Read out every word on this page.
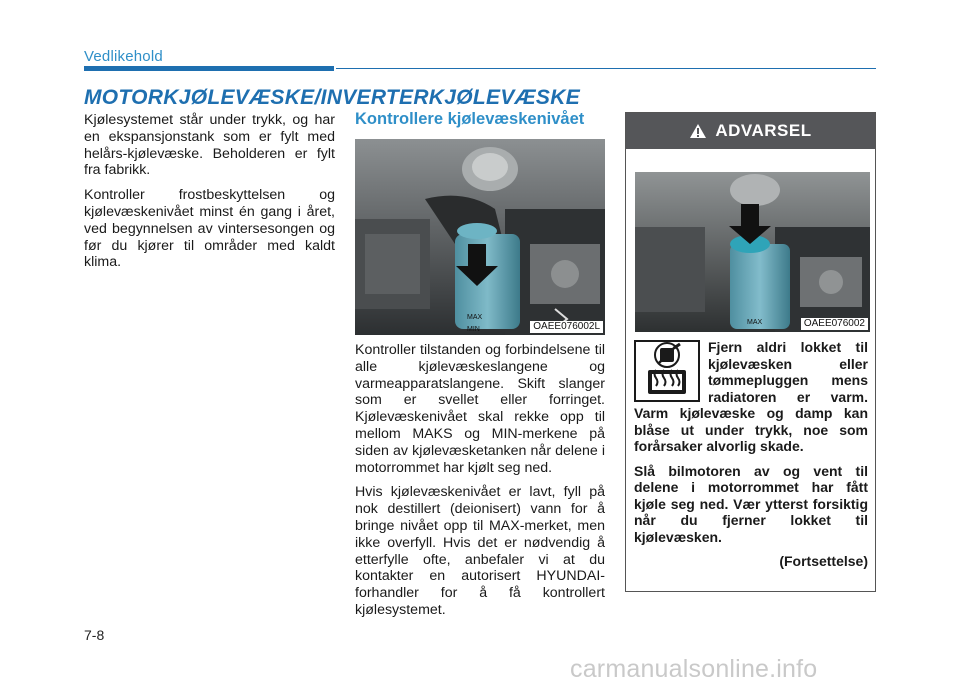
Vedlikehold
MOTORKJØLEVÆSKE/INVERTERKJØLEVÆSKE

Kjølesystemet står under trykk, og har en ekspansjonstank som er fylt med helårs-kjølevæske. Beholderen er fylt fra fabrikk.

Kontroller frostbeskyttelsen og kjølevæskenivået minst én gang i året, ved begynnelsen av vintersesongen og før du kjører til områder med kaldt klima.

Kontrollere kjølevæskenivået
MAX
MIN	OAEE076002L

Kontroller tilstanden og forbindelsene til alle kjølevæskeslangene og varmeapparatslangene. Skift slanger som er svellet eller forringet. Kjølevæskenivået skal rekke opp til mellom MAKS og MIN-merkene på siden av kjølevæsketanken når delene i motorrommet har kjølt seg ned.

Hvis kjølevæskenivået er lavt, fyll på nok destillert (deionisert) vann for å bringe nivået opp til MAX-merket, men ikke overfyll. Hvis det er nødvendig å etterfylle ofte, anbefaler vi at du kontakter en autorisert HYUNDAI-forhandler for å få kontrollert kjølesystemet.

ADVARSEL
MAX	OAEE076002

Fjern aldri lokket til kjølevæsken eller tømmepluggen mens radiatoren er varm. Varm kjølevæske og damp kan blåse ut under trykk, noe som forårsaker alvorlig skade.

Slå bilmotoren av og vent til delene i motorrommet har fått kjøle seg ned. Vær ytterst forsiktig når du fjerner lokket til kjølevæsken.

(Fortsettelse)

7-8
carmanualsonline.info
